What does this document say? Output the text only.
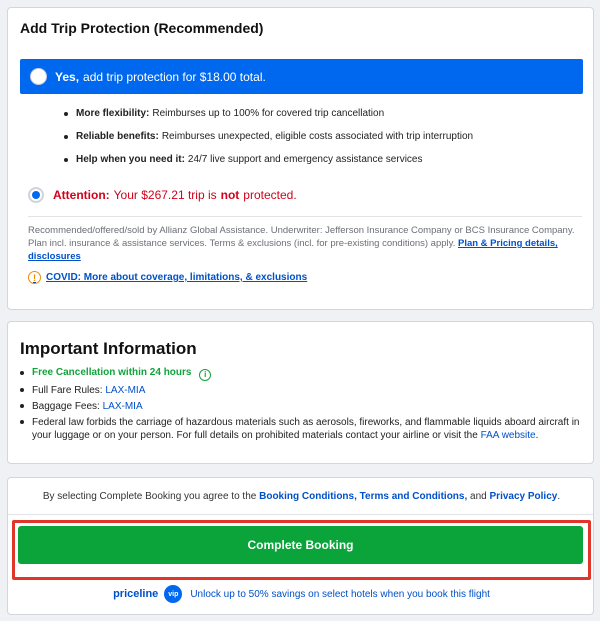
Add Trip Protection (Recommended)
Yes, add trip protection for $18.00 total.
More flexibility: Reimburses up to 100% for covered trip cancellation
Reliable benefits: Reimburses unexpected, eligible costs associated with trip interruption
Help when you need it: 24/7 live support and emergency assistance services
Attention: Your $267.21 trip is not protected.
Recommended/offered/sold by Allianz Global Assistance. Underwriter: Jefferson Insurance Company or BCS Insurance Company. Plan incl. insurance & assistance services. Terms & exclusions (incl. for pre-existing conditions) apply. Plan & Pricing details, disclosures
!	COVID: More about coverage, limitations, & exclusions
Important Information
Free Cancellation within 24 hours i
Full Fare Rules: LAX-MIA
Baggage Fees: LAX-MIA
Federal law forbids the carriage of hazardous materials such as aerosols, fireworks, and flammable liquids aboard aircraft in your luggage or on your person. For full details on prohibited materials contact your airline or visit the FAA website.
By selecting Complete Booking you agree to the Booking Conditions, Terms and Conditions, and Privacy Policy.
Complete Booking
priceline	vip	Unlock up to 50% savings on select hotels when you book this flight
